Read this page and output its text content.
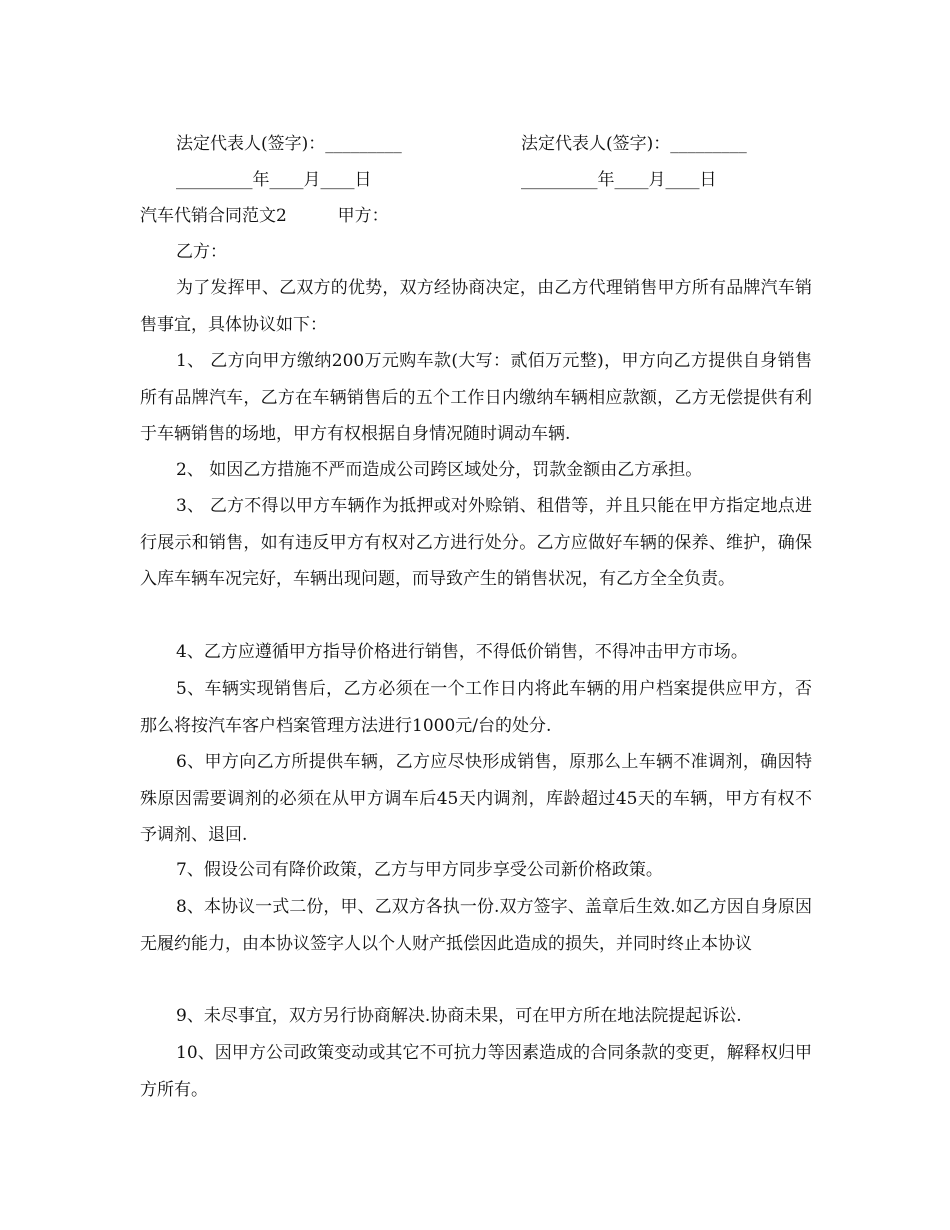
法定代表人(签字)：_________	法定代表人(签字)：_________
_________年____月____日	_________年____月____日
汽车代销合同范文2	甲方：
乙方：
为了发挥甲、乙双方的优势，双方经协商决定，由乙方代理销售甲方所有品牌汽车销售事宜，具体协议如下：
1、 乙方向甲方缴纳200万元购车款(大写：贰佰万元整)，甲方向乙方提供自身销售所有品牌汽车，乙方在车辆销售后的五个工作日内缴纳车辆相应款额，乙方无偿提供有利于车辆销售的场地，甲方有权根据自身情况随时调动车辆.
2、 如因乙方措施不严而造成公司跨区域处分，罚款金额由乙方承担。
3、 乙方不得以甲方车辆作为抵押或对外赊销、租借等，并且只能在甲方指定地点进行展示和销售，如有违反甲方有权对乙方进行处分。乙方应做好车辆的保养、维护，确保入库车辆车况完好，车辆出现问题，而导致产生的销售状况，有乙方全全负责。
4、乙方应遵循甲方指导价格进行销售，不得低价销售，不得冲击甲方市场。
5、车辆实现销售后，乙方必须在一个工作日内将此车辆的用户档案提供应甲方，否那么将按汽车客户档案管理方法进行1000元/台的处分.
6、甲方向乙方所提供车辆，乙方应尽快形成销售，原那么上车辆不准调剂，确因特殊原因需要调剂的必须在从甲方调车后45天内调剂，库龄超过45天的车辆，甲方有权不予调剂、退回.
7、假设公司有降价政策，乙方与甲方同步享受公司新价格政策。
8、本协议一式二份，甲、乙双方各执一份.双方签字、盖章后生效.如乙方因自身原因无履约能力，由本协议签字人以个人财产抵偿因此造成的损失，并同时终止本协议
9、未尽事宜，双方另行协商解决.协商未果，可在甲方所在地法院提起诉讼.
10、因甲方公司政策变动或其它不可抗力等因素造成的合同条款的变更，解释权归甲方所有。
